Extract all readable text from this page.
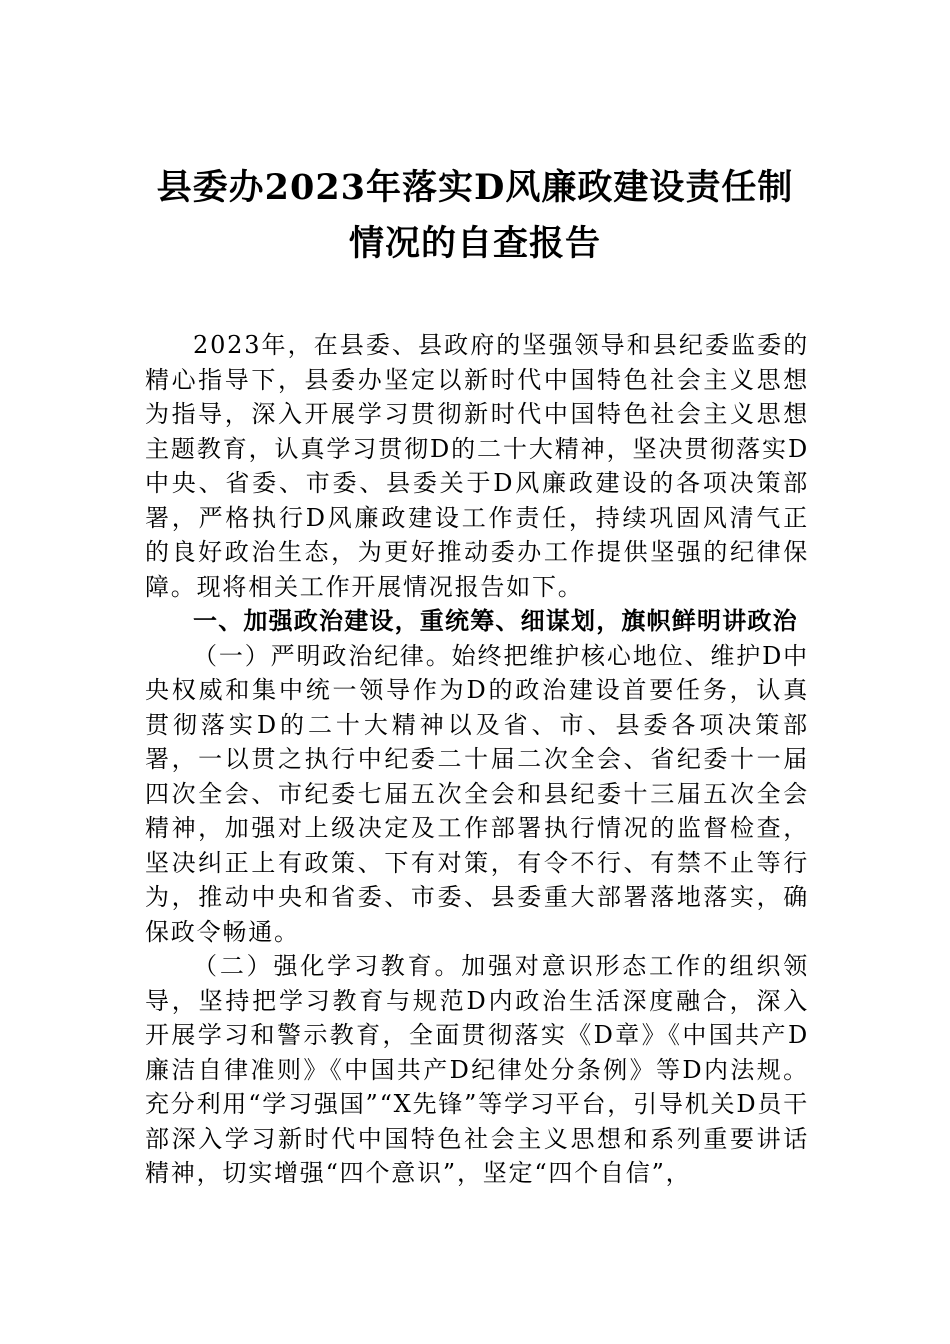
县委办2023年落实D风廉政建设责任制情况的自查报告

2023年，在县委、县政府的坚强领导和县纪委监委的精心指导下，县委办坚定以新时代中国特色社会主义思想为指导，深入开展学习贯彻新时代中国特色社会主义思想主题教育，认真学习贯彻D的二十大精神，坚决贯彻落实D中央、省委、市委、县委关于D风廉政建设的各项决策部署，严格执行D风廉政建设工作责任，持续巩固风清气正的良好政治生态，为更好推动委办工作提供坚强的纪律保障。现将相关工作开展情况报告如下。

一、加强政治建设，重统筹、细谋划，旗帜鲜明讲政治

（一）严明政治纪律。始终把维护核心地位、维护D中央权威和集中统一领导作为D的政治建设首要任务，认真贯彻落实D的二十大精神以及省、市、县委各项决策部署，一以贯之执行中纪委二十届二次全会、省纪委十一届四次全会、市纪委七届五次全会和县纪委十三届五次全会精神，加强对上级决定及工作部署执行情况的监督检查，坚决纠正上有政策、下有对策，有令不行、有禁不止等行为，推动中央和省委、市委、县委重大部署落地落实，确保政令畅通。

（二）强化学习教育。加强对意识形态工作的组织领导，坚持把学习教育与规范D内政治生活深度融合，深入开展学习和警示教育，全面贯彻落实《D章》《中国共产D廉洁自律准则》《中国共产D纪律处分条例》等D内法规。充分利用“学习强国”“X先锋”等学习平台，引导机关D员干部深入学习新时代中国特色社会主义思想和系列重要讲话精神，切实增强“四个意识”，坚定“四个自信”，
